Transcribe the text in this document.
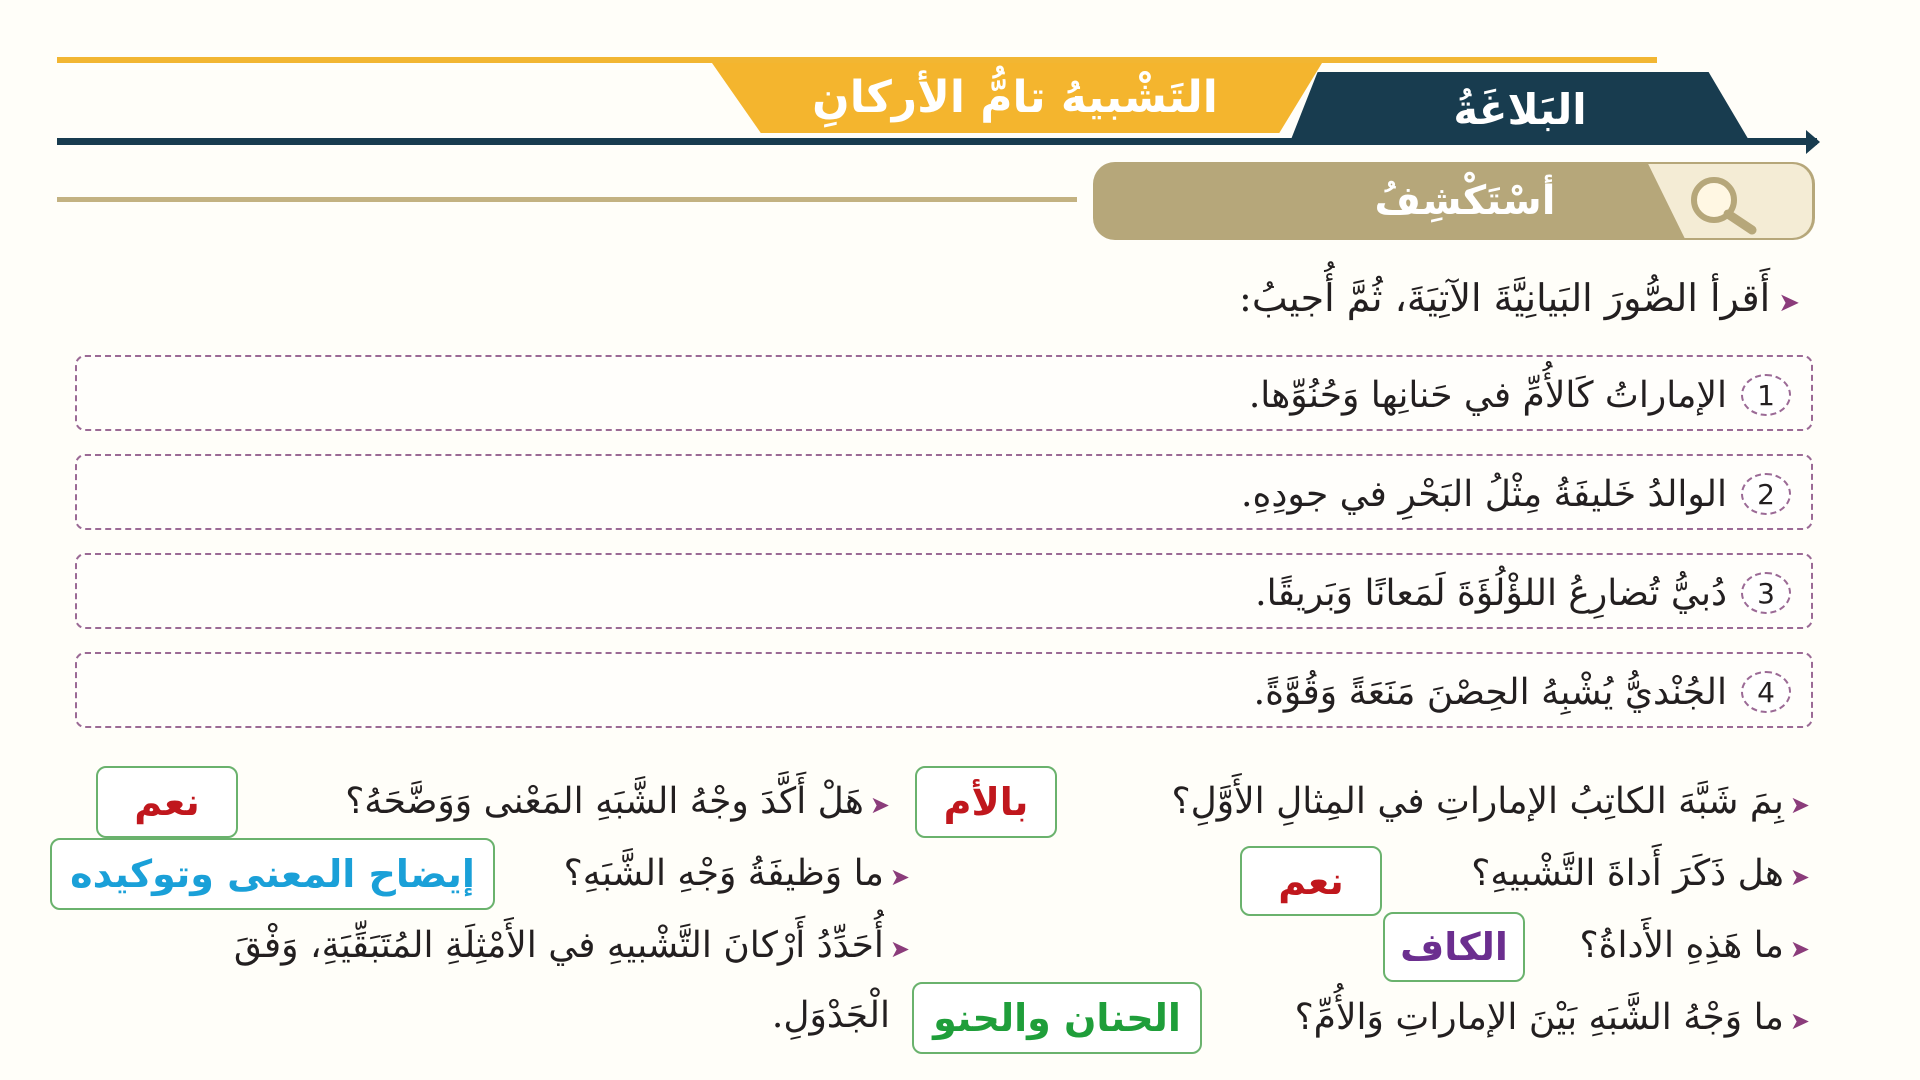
التَشْبيهُ تامُّ الأركانِ	البَلاغَةُ
أسْتَكْشِفُ
➤أَقرأ الصُّورَ البَيانِيَّةَ الآتِيَةَ، ثُمَّ أُجيبُ:
1
الإماراتُ كَالأُمِّ في حَنانِها وَحُنُوِّها.
2
الوالدُ خَليفَةُ مِثْلُ البَحْرِ في جودِهِ.
3
دُبيُّ تُضارِعُ اللؤْلُؤَةَ لَمَعانًا وَبَريقًا.
4
الجُنْديُّ يُشْبِهُ الحِصْنَ مَنَعَةً وَقُوَّةً.
➤بِمَ شَبَّهَ الكاتِبُ الإماراتِ في المِثالِ الأَوَّلِ؟
بالأم
➤هَلْ أَكَّدَ وجْهُ الشَّبَهِ المَعْنى وَوَضَّحَهُ؟
نعم
➤هل ذَكَرَ أَداةَ التَّشْبيهِ؟
نعم
➤ما وَظيفَةُ وَجْهِ الشَّبَهِ؟
إيضاح المعنى وتوكيده
➤ما هَذِهِ الأَداةُ؟
الكاف
➤أُحَدِّدُ أَرْكانَ التَّشْبيهِ في الأَمْثِلَةِ المُتَبَقِّيَةِ، وَفْقَ
الْجَدْوَلِ.	➤ما وَجْهُ الشَّبَهِ بَيْنَ الإماراتِ وَالأُمِّ؟
الحنان والحنو
